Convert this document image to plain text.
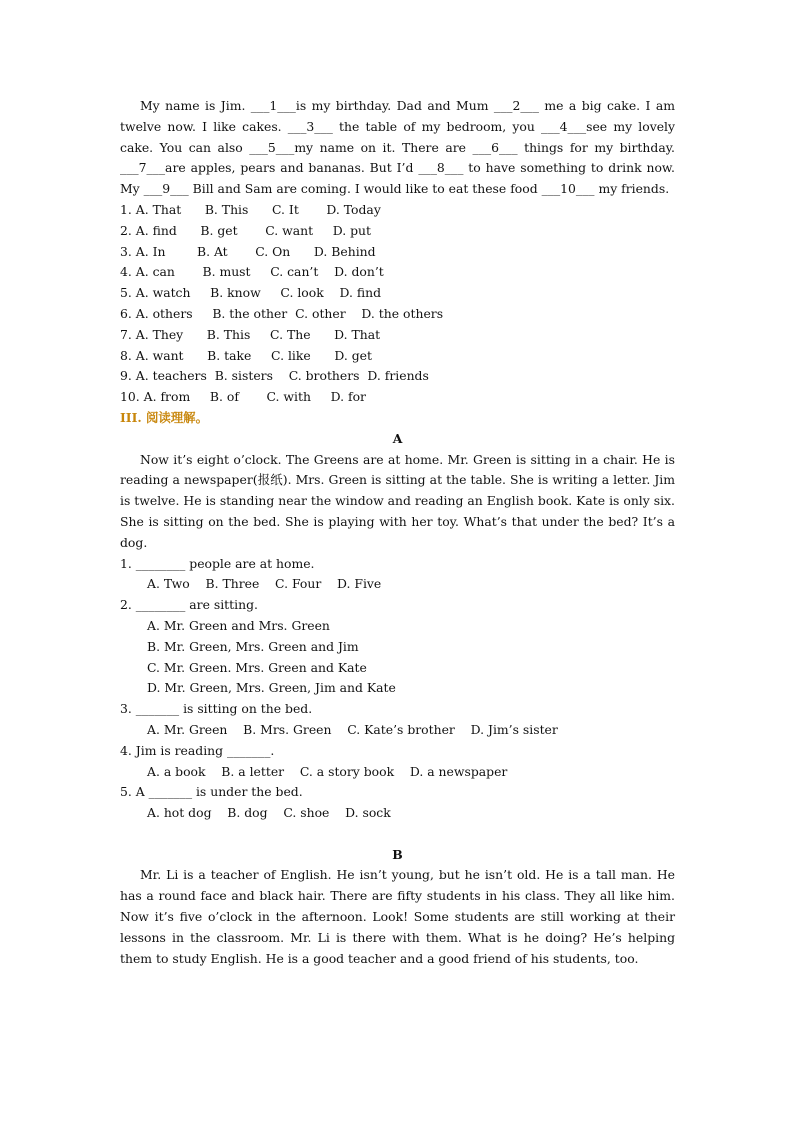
My name is Jim. ___1___is my birthday. Dad and Mum ___2___ me a big cake. I am twelve now. I like cakes. ___3___ the table of my bedroom, you ___4___see my lovely cake. You can also ___5___my name on it. There are ___6___ things for my birthday. ___7___are apples, pears and bananas. But I’d ___8___ to have something to drink now. My ___9___ Bill and Sam are coming. I would like to eat these food ___10___ my friends.

1. A. That      B. This      C. It       D. Today

2. A. find      B. get       C. want     D. put

3. A. In        B. At       C. On      D. Behind

4. A. can       B. must     C. can’t    D. don’t

5. A. watch     B. know     C. look    D. find

6. A. others     B. the other  C. other    D. the others

7. A. They      B. This     C. The      D. That

8. A. want      B. take     C. like      D. get

9. A. teachers  B. sisters    C. brothers  D. friends

10. A. from     B. of       C. with     D. for

III. 阅读理解。

A

Now it’s eight o’clock. The Greens are at home. Mr. Green is sitting in a chair. He is reading a newspaper(报纸). Mrs. Green is sitting at the table. She is writing a letter. Jim is twelve. He is standing near the window and reading an English book. Kate is only six. She is sitting on the bed. She is playing with her toy. What’s that under the bed? It’s a dog.

1. ________ people are at home.

A. Two    B. Three    C. Four    D. Five

2. ________ are sitting.

A. Mr. Green and Mrs. Green

B. Mr. Green, Mrs. Green and Jim

C. Mr. Green. Mrs. Green and Kate

D. Mr. Green, Mrs. Green, Jim and Kate

3. _______ is sitting on the bed.

A. Mr. Green    B. Mrs. Green    C. Kate’s brother    D. Jim’s sister

4. Jim is reading _______.

A. a book    B. a letter    C. a story book    D. a newspaper

5. A _______ is under the bed.

A. hot dog    B. dog    C. shoe    D. sock

B

Mr. Li is a teacher of English. He isn’t young, but he isn’t old. He is a tall man. He has a round face and black hair. There are fifty students in his class. They all like him. Now it’s five o’clock in the afternoon. Look! Some students are still working at their lessons in the classroom. Mr. Li is there with them. What is he doing? He’s helping them to study English. He is a good teacher and a good friend of his students, too.
